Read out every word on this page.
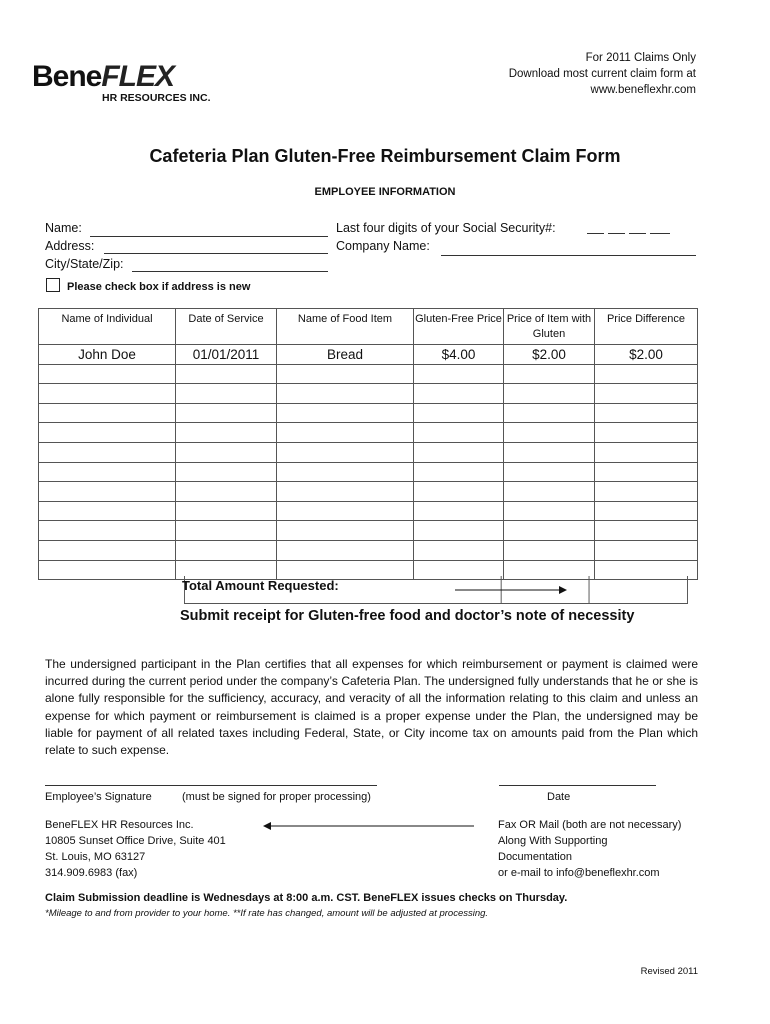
For 2011 Claims Only
Download most current claim form at
www.beneflexhr.com
BeneFLEX
HR RESOURCES INC.
Cafeteria Plan Gluten-Free Reimbursement Claim Form
EMPLOYEE INFORMATION
Name:
Address:
City/State/Zip:
Last four digits of your Social Security#:
Company Name:
Please check box if address is new
Name of Individual	Date of Service	Name of Food Item	Gluten-Free Price	Price of Item with Gluten	Price Difference
John Doe	01/01/2011	Bread	$4.00	$2.00	$2.00

Total Amount Requested:
Submit receipt for Gluten-free food and doctor’s note of necessity
The undersigned participant in the Plan certifies that all expenses for which reimbursement or payment is claimed were incurred during the current period under the company’s Cafeteria Plan. The undersigned fully understands that he or she is alone fully responsible for the sufficiency, accuracy, and veracity of all the information relating to this claim and unless an expense for which payment or reimbursement is claimed is a proper expense under the Plan, the undersigned may be liable for payment of all related taxes including Federal, State, or City income tax on amounts paid from the Plan which relate to such expense.
Employee’s Signature	(must be signed for proper processing)	Date
BeneFLEX HR Resources Inc.
10805 Sunset Office Drive, Suite 401
St. Louis, MO 63127
314.909.6983 (fax)
Fax OR Mail (both are not necessary)
Along With Supporting
Documentation
or e-mail to info@beneflexhr.com
Claim Submission deadline is Wednesdays at 8:00 a.m. CST. BeneFLEX issues checks on Thursday.
*Mileage to and from provider to your home. **If rate has changed, amount will be adjusted at processing.
Revised 2011
